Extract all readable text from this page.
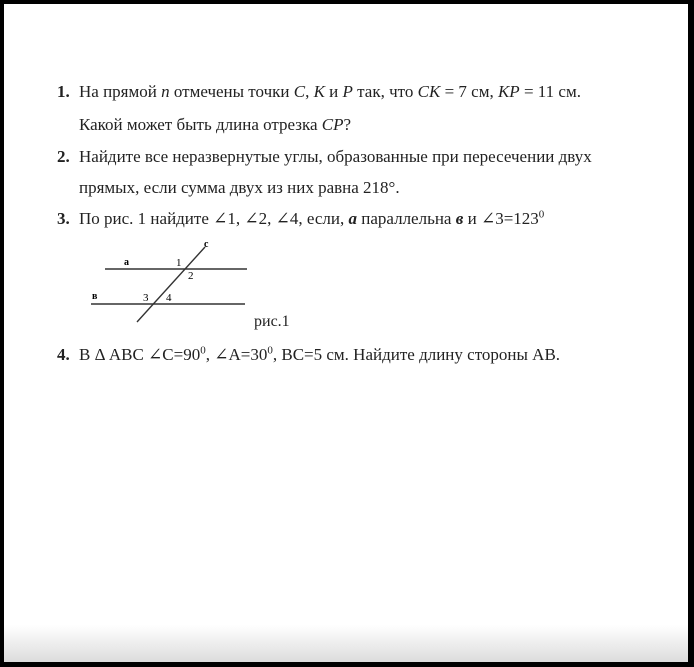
1. На прямой n отмечены точки C, K и P так, что CK = 7 см, KP = 11 см.
Какой может быть длина отрезка CP?
2. Найдите все неразвернутые углы, образованные при пересечении двух
прямых, если сумма двух из них равна 218°.
3. По рис. 1 найдите ∠1, ∠2, ∠4, если, a параллельна в и $\angle 3=123^0$
a
в
c
1
2
3 4
рис.1
4. В Δ АВС $\angle С=90^0$, $\angle А=30^0$, ВС=5 см. Найдите длину стороны АВ.
